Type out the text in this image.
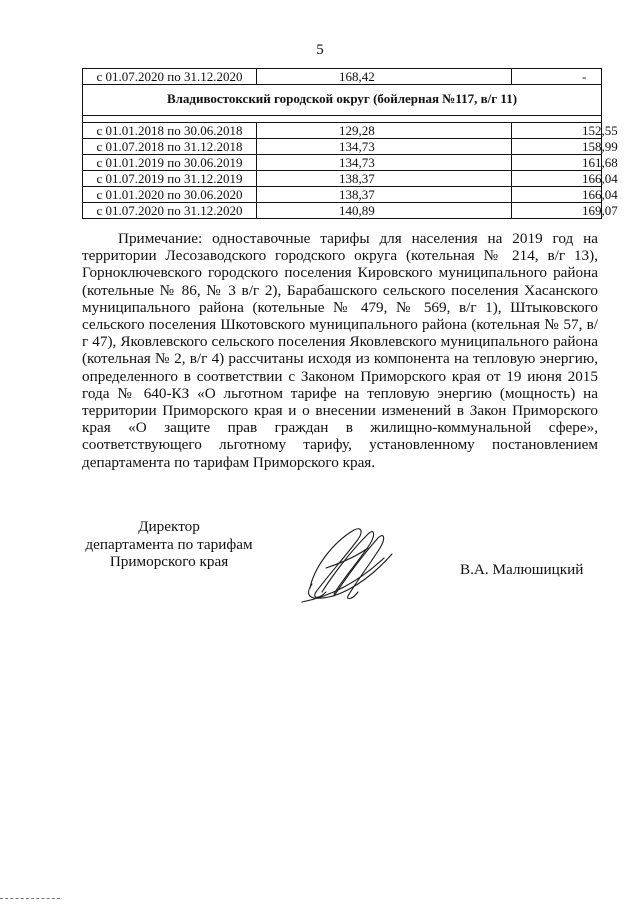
5
с 01.07.2020 по 31.12.2020	168,42	-
Владивостокский городской округ (бойлерная №117, в/г 11)		

с 01.01.2018 по 30.06.2018	129,28	152,55
с 01.07.2018 по 31.12.2018	134,73	158,99
с 01.01.2019 по 30.06.2019	134,73	161,68
с 01.07.2019 по 31.12.2019	138,37	166,04
с 01.01.2020 по 30.06.2020	138,37	166,04
с 01.07.2020 по 31.12.2020	140,89	169,07

Примечание: одноставочные тарифы для населения на 2019 год на территории Лесозаводского городского округа (котельная № 214, в/г 13), Горноключевского городского поселения Кировского муниципального района (котельные № 86, № 3 в/г 2), Барабашского сельского поселения Хасанского муниципального района (котельные № 479, № 569, в/г 1), Штыковского сельского поселения Шкотовского муниципального района (котельная № 57, в/г 47), Яковлевского сельского поселения Яковлевского муниципального района (котельная № 2, в/г 4) рассчитаны исходя из компонента на тепловую энергию, определенного в соответствии с Законом Приморского края от 19 июня 2015 года № 640-КЗ «О льготном тарифе на тепловую энергию (мощность) на территории Приморского края и о внесении изменений в Закон Приморского края «О защите прав граждан в жилищно-коммунальной сфере», соответствующего льготному тарифу, установленному постановлением департамента по тарифам Приморского края.

Директор
департамента по тарифам
Приморского края	В.А. Малюшицкий
